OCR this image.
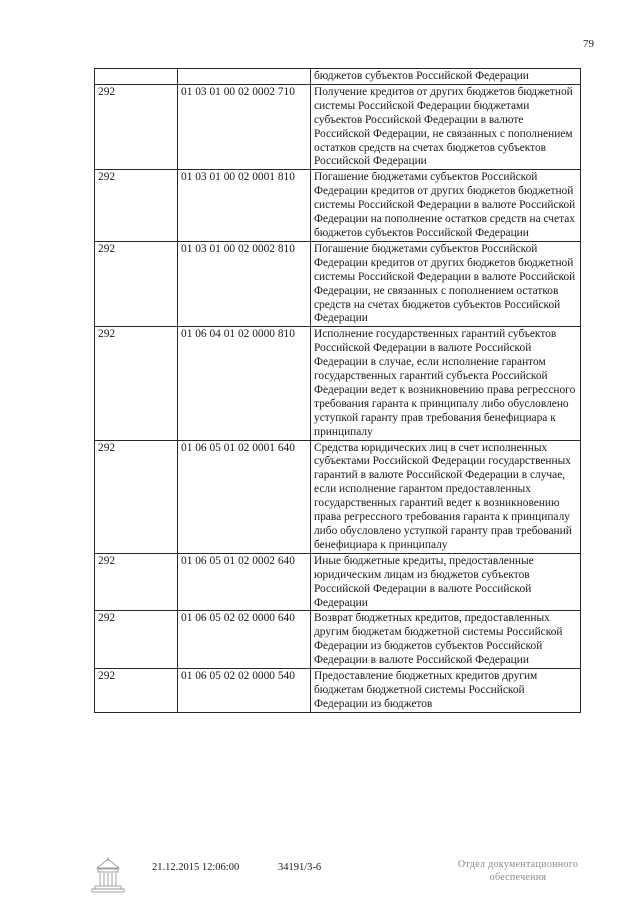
79
		бюджетов субъектов Российской Федерации
292	01 03 01 00 02 0002 710	Получение кредитов от других бюджетов бюджетной системы Российской Федерации бюджетами субъектов Российской Федерации в валюте Российской Федерации, не связанных с пополнением остатков средств на счетах бюджетов субъектов Российской Федерации
292	01 03 01 00 02 0001 810	Погашение бюджетами субъектов Российской Федерации кредитов от других бюджетов бюджетной системы Российской Федерации в валюте Российской Федерации на пополнение остатков средств на счетах бюджетов субъектов Российской Федерации
292	01 03 01 00 02 0002 810	Погашение бюджетами субъектов Российской Федерации кредитов от других бюджетов бюджетной системы Российской Федерации в валюте Российской Федерации, не связанных с пополнением остатков средств на счетах бюджетов субъектов Российской Федерации
292	01 06 04 01 02 0000 810	Исполнение государственных гарантий субъектов Российской Федерации в валюте Российской Федерации в случае, если исполнение гарантом государственных гарантий субъекта Российской Федерации ведет к возникновению права регрессного требования гаранта к принципалу либо обусловлено уступкой гаранту прав требования бенефициара к принципалу
292	01 06 05 01 02 0001 640	Средства юридических лиц в счет исполненных субъектами Российской Федерации государственных гарантий в валюте Российской Федерации в случае, если исполнение гарантом предоставленных государственных гарантий ведет к возникновению права регрессного требования гаранта к принципалу либо обусловлено уступкой гаранту прав требований бенефициара к принципалу
292	01 06 05 01 02 0002 640	Иные бюджетные кредиты, предоставленные юридическим лицам из бюджетов субъектов Российской Федерации в валюте Российской Федерации
292	01 06 05 02 02 0000 640	Возврат бюджетных кредитов, предоставленных другим бюджетам бюджетной системы Российской Федерации из бюджетов субъектов Российской Федерации в валюте Российской Федерации
292	01 06 05 02 02 0000 540	Предоставление бюджетных кредитов другим бюджетам бюджетной системы Российской Федерации из бюджетов
21.12.2015 12:06:00	34191/3-6	Отдел документационного
обеспечения
